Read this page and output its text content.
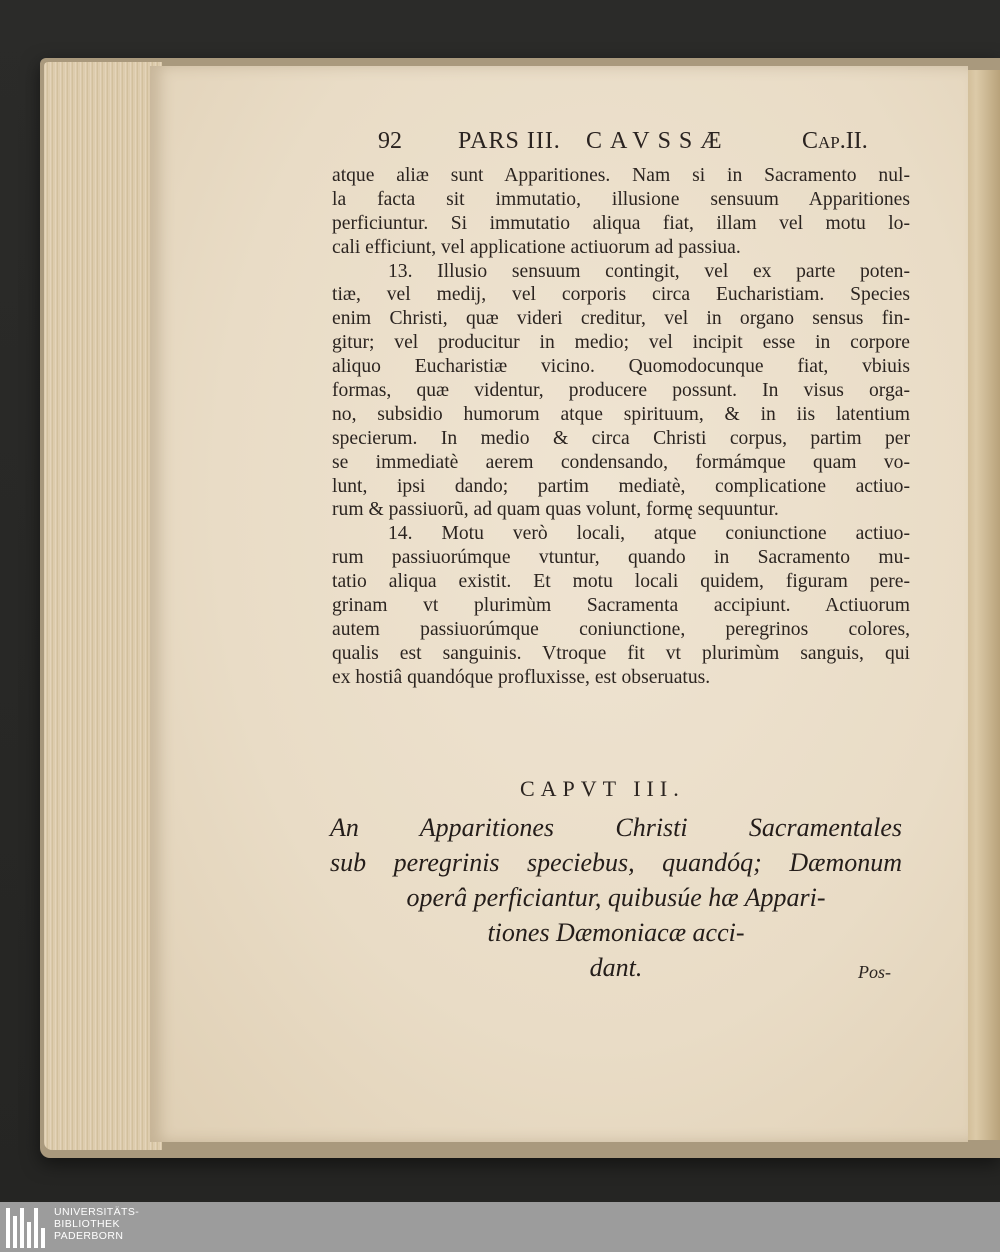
92 PARS III. CAVSSÆ	Cap.II.
atque aliæ sunt Apparitiones. Nam si in Sacramento nul-
la facta sit immutatio, illusione sensuum Apparitiones
perficiuntur. Si immutatio aliqua fiat, illam vel motu lo-
cali efficiunt, vel applicatione actiuorum ad passiua.
13. Illusio sensuum contingit, vel ex parte poten-
tiæ, vel medij, vel corporis circa Eucharistiam. Species
enim Christi, quæ videri creditur, vel in organo sensus fin-
gitur; vel producitur in medio; vel incipit esse in corpore
aliquo Eucharistiæ vicino. Quomodocunque fiat, vbiuis
formas, quæ videntur, producere possunt. In visus orga-
no, subsidio humorum atque spirituum, & in iis latentium
specierum. In medio & circa Christi corpus, partim per
se immediatè aerem condensando, formámque quam vo-
lunt, ipsi dando; partim mediatè, complicatione actiuo-
rum & passiuorũ, ad quam quas volunt, formę sequuntur.
14. Motu verò locali, atque coniunctione actiuo-
rum passiuorúmque vtuntur, quando in Sacramento mu-
tatio aliqua existit. Et motu locali quidem, figuram pere-
grinam vt plurimùm Sacramenta accipiunt. Actiuorum
autem passiuorúmque coniunctione, peregrinos colores,
qualis est sanguinis. Vtroque fit vt plurimùm sanguis, qui
ex hostiâ quandóque profluxisse, est obseruatus.
CAPVT III.
An Apparitiones Christi Sacramentales
sub peregrinis speciebus, quandóq; Dæmonum
operâ perficiantur, quibusúe hæ Appari-
tiones Dæmoniacæ acci-
dant.	Pos-
UNIVERSITÄTS-
BIBLIOTHEK
PADERBORN
